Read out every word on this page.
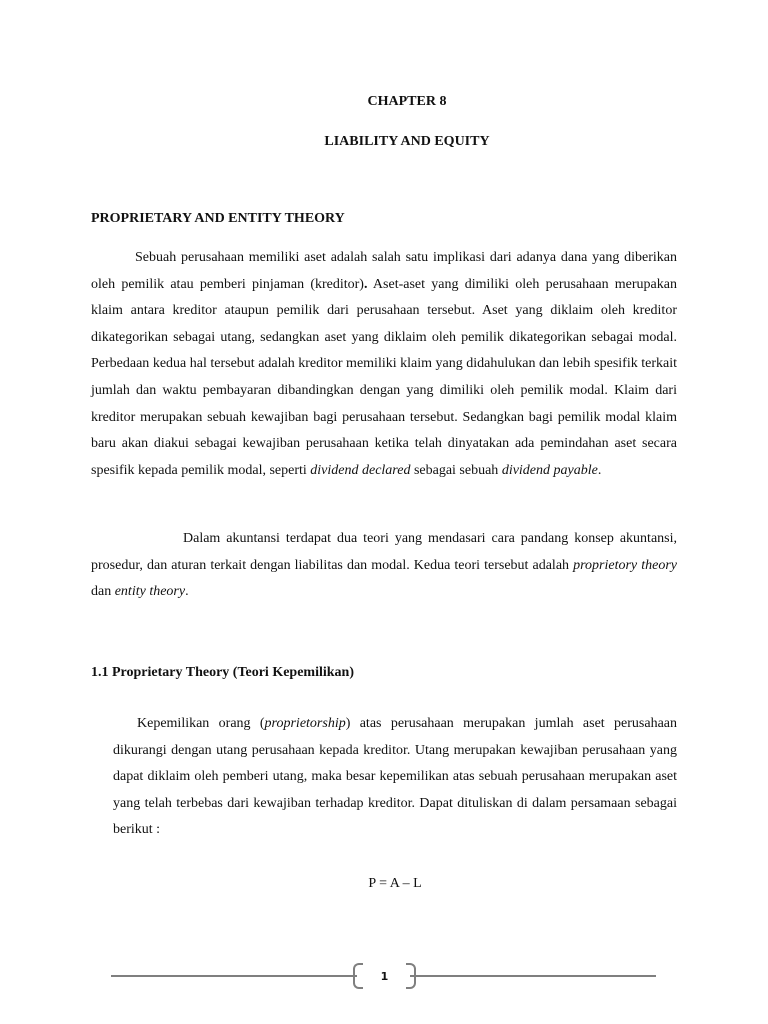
CHAPTER 8
LIABILITY AND EQUITY
PROPRIETARY AND ENTITY THEORY

Sebuah perusahaan memiliki aset adalah salah satu implikasi dari adanya dana yang diberikan oleh pemilik atau pemberi pinjaman (kreditor). Aset-aset yang dimiliki oleh perusahaan merupakan klaim antara kreditor ataupun pemilik dari perusahaan tersebut. Aset yang diklaim oleh kreditor dikategorikan sebagai utang, sedangkan aset yang diklaim oleh pemilik dikategorikan sebagai modal. Perbedaan kedua hal tersebut adalah kreditor memiliki klaim yang didahulukan dan lebih spesifik terkait jumlah dan waktu pembayaran dibandingkan dengan yang dimiliki oleh pemilik modal. Klaim dari kreditor merupakan sebuah kewajiban bagi perusahaan tersebut. Sedangkan bagi pemilik modal klaim baru akan diakui sebagai kewajiban perusahaan ketika telah dinyatakan ada pemindahan aset secara spesifik kepada pemilik modal, seperti dividend declared sebagai sebuah dividend payable.

Dalam akuntansi terdapat dua teori yang mendasari cara pandang konsep akuntansi, prosedur, dan aturan terkait dengan liabilitas dan modal. Kedua teori tersebut adalah proprietory theory dan entity theory.

1.1 Proprietary Theory (Teori Kepemilikan)

Kepemilikan orang (proprietorship) atas perusahaan merupakan jumlah aset perusahaan dikurangi dengan utang perusahaan kepada kreditor. Utang merupakan kewajiban perusahaan yang dapat diklaim oleh pemberi utang, maka besar kepemilikan atas sebuah perusahaan merupakan aset yang telah terbebas dari kewajiban terhadap kreditor. Dapat dituliskan di dalam persamaan sebagai berikut :

P = A – L

1
